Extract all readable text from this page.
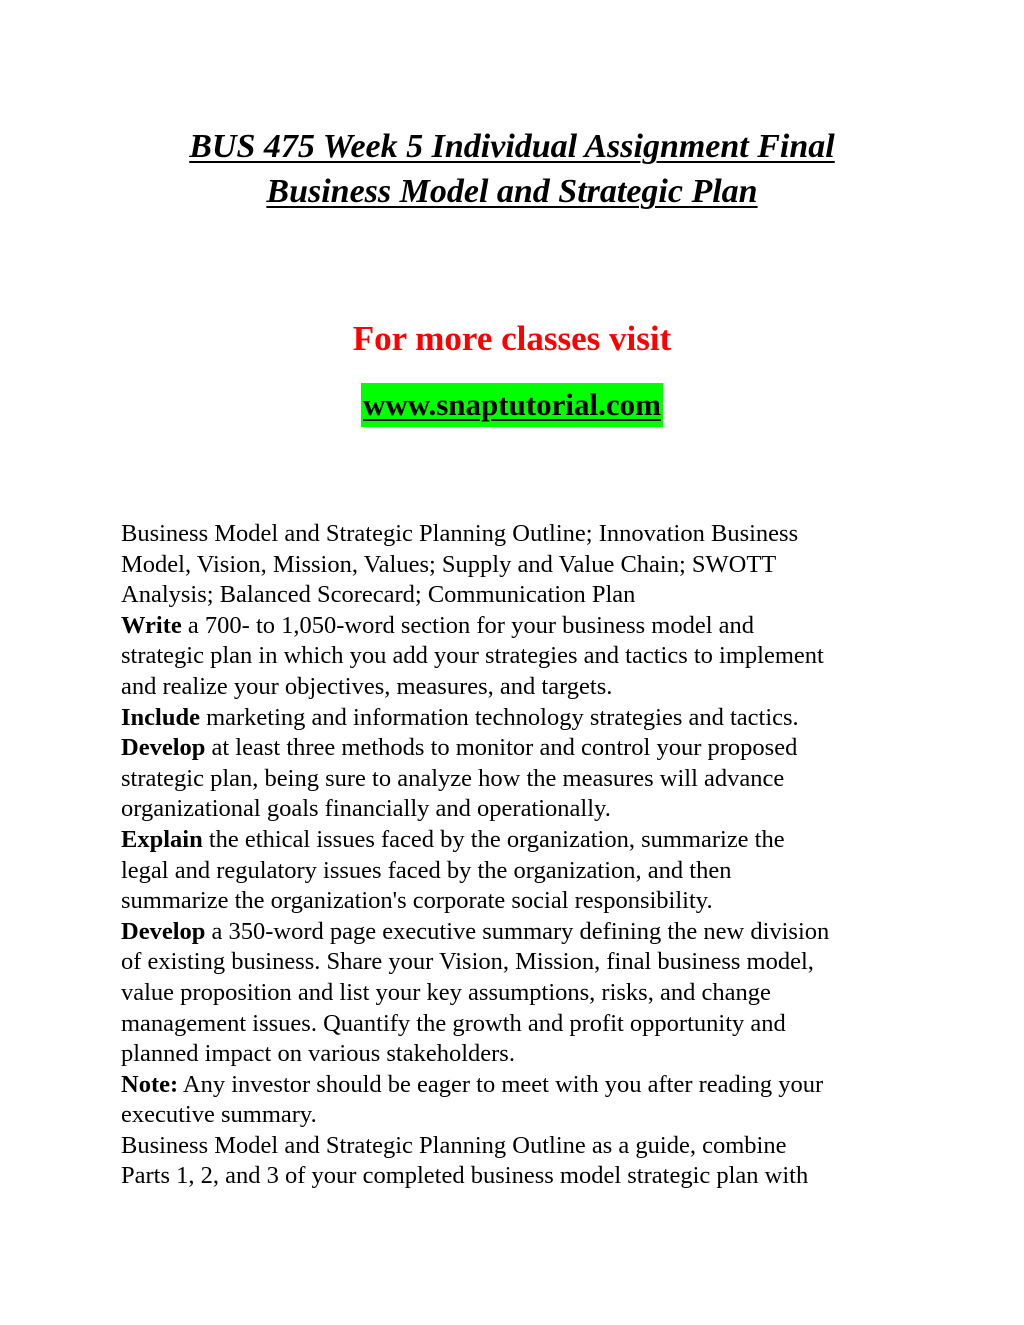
BUS 475 Week 5 Individual Assignment Final
Business Model and Strategic Plan
For more classes visit
www.snaptutorial.com
Business Model and Strategic Planning Outline; Innovation Business
Model, Vision, Mission, Values; Supply and Value Chain; SWOTT
Analysis; Balanced Scorecard; Communication Plan
Write a 700- to 1,050-word section for your business model and
strategic plan in which you add your strategies and tactics to implement
and realize your objectives, measures, and targets.
Include marketing and information technology strategies and tactics.
Develop at least three methods to monitor and control your proposed
strategic plan, being sure to analyze how the measures will advance
organizational goals financially and operationally.
Explain the ethical issues faced by the organization, summarize the
legal and regulatory issues faced by the organization, and then
summarize the organization's corporate social responsibility.
Develop a 350-word page executive summary defining the new division
of existing business. Share your Vision, Mission, final business model,
value proposition and list your key assumptions, risks, and change
management issues. Quantify the growth and profit opportunity and
planned impact on various stakeholders.
Note: Any investor should be eager to meet with you after reading your
executive summary.
Business Model and Strategic Planning Outline as a guide, combine
Parts 1, 2, and 3 of your completed business model strategic plan with
